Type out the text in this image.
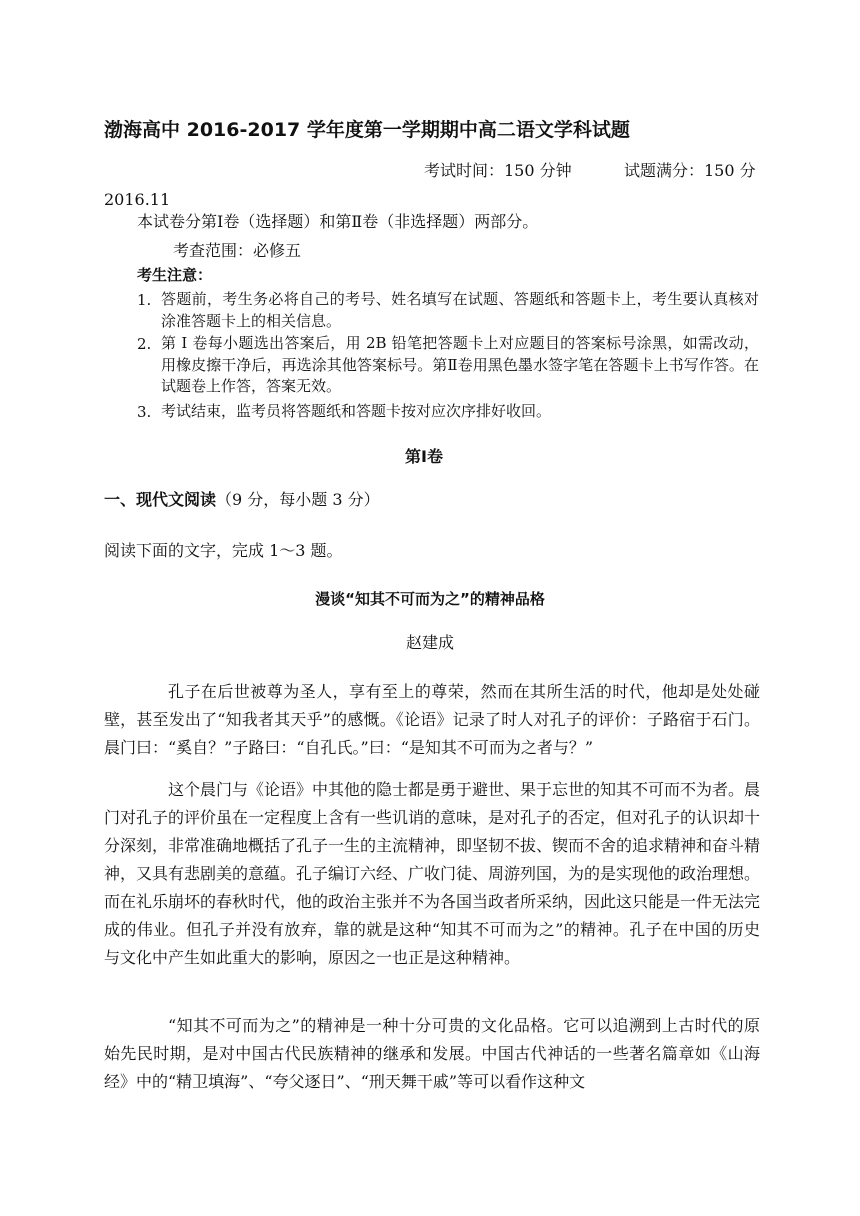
渤海高中 2016-2017 学年度第一学期期中高二语文学科试题
考试时间：150 分钟	试题满分：150 分
2016.11
本试卷分第Ⅰ卷（选择题）和第Ⅱ卷（非选择题）两部分。
考查范围：必修五
考生注意：
1. 答题前，考生务必将自己的考号、姓名填写在试题、答题纸和答题卡上，考生要认真核对涂准答题卡上的相关信息。
2. 第 I 卷每小题选出答案后，用 2B 铅笔把答题卡上对应题目的答案标号涂黑，如需改动，用橡皮擦干净后，再选涂其他答案标号。第Ⅱ卷用黑色墨水签字笔在答题卡上书写作答。在试题卷上作答，答案无效。
3. 考试结束，监考员将答题纸和答题卡按对应次序排好收回。
第Ⅰ卷
一、现代文阅读（9 分，每小题 3 分）
阅读下面的文字，完成 1～3 题。
漫谈“知其不可而为之”的精神品格
赵建成
孔子在后世被尊为圣人，享有至上的尊荣，然而在其所生活的时代，他却是处处碰壁，甚至发出了“知我者其天乎”的感慨。《论语》记录了时人对孔子的评价：子路宿于石门。晨门曰：“奚自？”子路曰：“自孔氏。”曰：“是知其不可而为之者与？”
这个晨门与《论语》中其他的隐士都是勇于避世、果于忘世的知其不可而不为者。晨门对孔子的评价虽在一定程度上含有一些讥诮的意味，是对孔子的否定，但对孔子的认识却十分深刻，非常准确地概括了孔子一生的主流精神，即坚韧不拔、锲而不舍的追求精神和奋斗精神，又具有悲剧美的意蕴。孔子编订六经、广收门徒、周游列国，为的是实现他的政治理想。而在礼乐崩坏的春秋时代，他的政治主张并不为各国当政者所采纳，因此这只能是一件无法完成的伟业。但孔子并没有放弃，靠的就是这种“知其不可而为之”的精神。孔子在中国的历史与文化中产生如此重大的影响，原因之一也正是这种精神。
“知其不可而为之”的精神是一种十分可贵的文化品格。它可以追溯到上古时代的原始先民时期，是对中国古代民族精神的继承和发展。中国古代神话的一些著名篇章如《山海经》中的“精卫填海”、“夸父逐日”、“刑天舞干戚”等可以看作这种文
